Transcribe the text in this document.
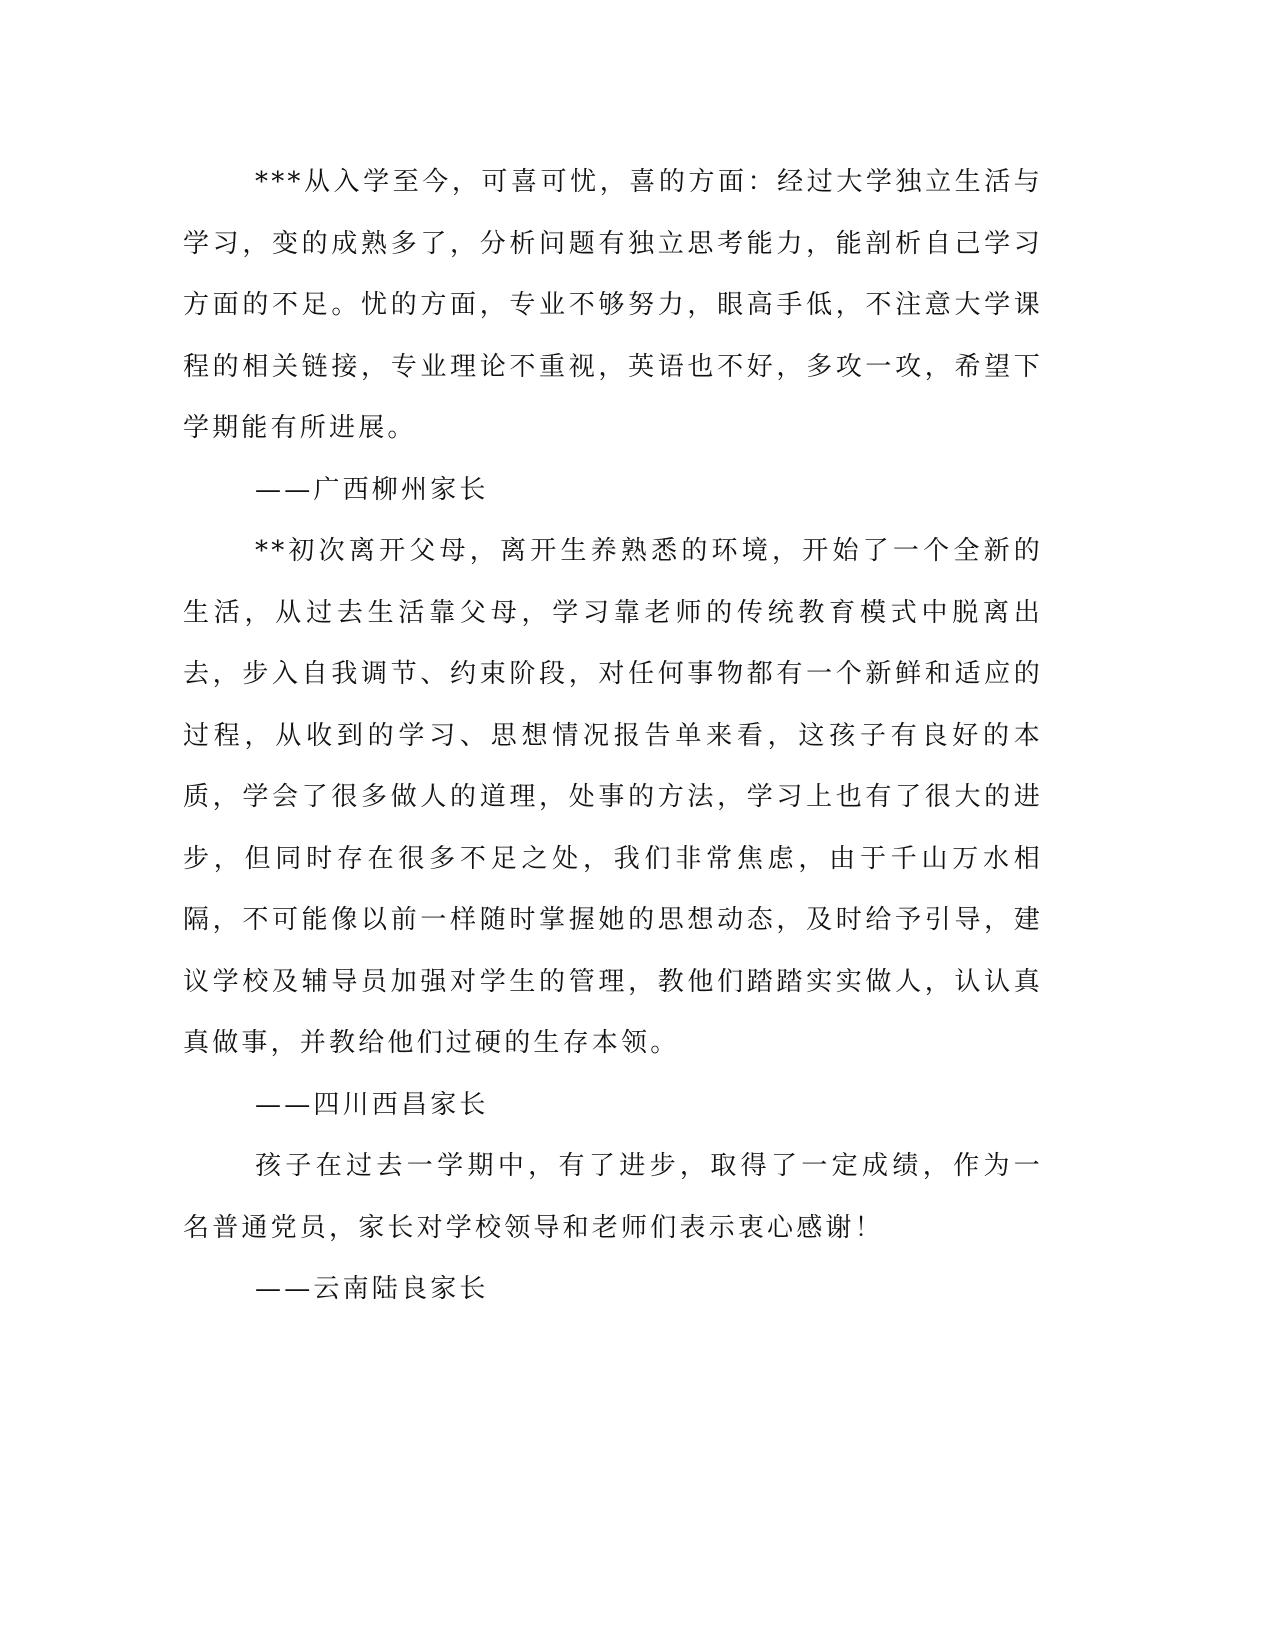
***从入学至今，可喜可忧，喜的方面：经过大学独立生活与学习，变的成熟多了，分析问题有独立思考能力，能剖析自己学习方面的不足。忧的方面，专业不够努力，眼高手低，不注意大学课程的相关链接，专业理论不重视，英语也不好，多攻一攻，希望下学期能有所进展。

——广西柳州家长

**初次离开父母，离开生养熟悉的环境，开始了一个全新的生活，从过去生活靠父母，学习靠老师的传统教育模式中脱离出去，步入自我调节、约束阶段，对任何事物都有一个新鲜和适应的过程，从收到的学习、思想情况报告单来看，这孩子有良好的本质，学会了很多做人的道理，处事的方法，学习上也有了很大的进步，但同时存在很多不足之处，我们非常焦虑，由于千山万水相隔，不可能像以前一样随时掌握她的思想动态，及时给予引导，建议学校及辅导员加强对学生的管理，教他们踏踏实实做人，认认真真做事，并教给他们过硬的生存本领。

——四川西昌家长

孩子在过去一学期中，有了进步，取得了一定成绩，作为一名普通党员，家长对学校领导和老师们表示衷心感谢！

——云南陆良家长
